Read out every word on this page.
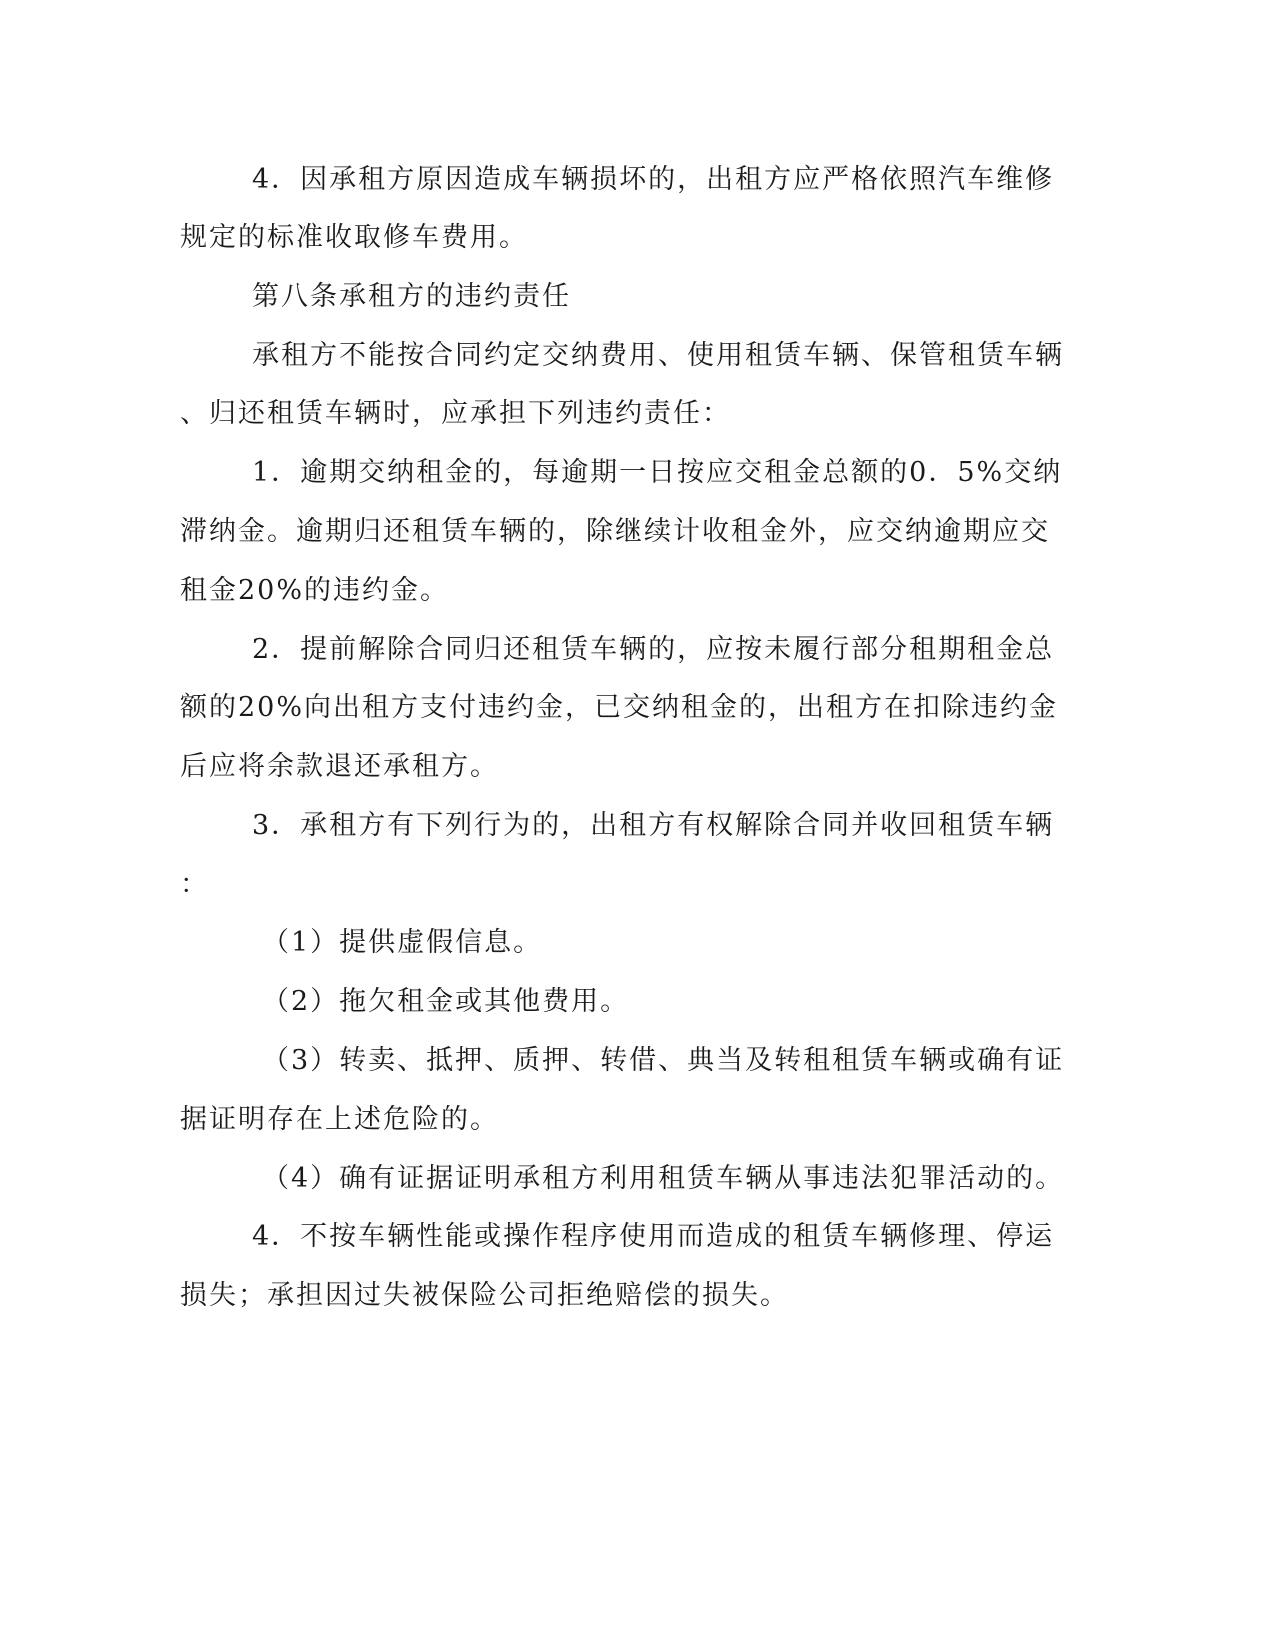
4．因承租方原因造成车辆损坏的，出租方应严格依照汽车维修
规定的标准收取修车费用。
第八条承租方的违约责任
承租方不能按合同约定交纳费用、使用租赁车辆、保管租赁车辆
、归还租赁车辆时，应承担下列违约责任：
1．逾期交纳租金的，每逾期一日按应交租金总额的0．5%交纳
滞纳金。逾期归还租赁车辆的，除继续计收租金外，应交纳逾期应交
租金20%的违约金。
2．提前解除合同归还租赁车辆的，应按未履行部分租期租金总
额的20%向出租方支付违约金，已交纳租金的，出租方在扣除违约金
后应将余款退还承租方。
3．承租方有下列行为的，出租方有权解除合同并收回租赁车辆
：
（1）提供虚假信息。
（2）拖欠租金或其他费用。
（3）转卖、抵押、质押、转借、典当及转租租赁车辆或确有证
据证明存在上述危险的。
（4）确有证据证明承租方利用租赁车辆从事违法犯罪活动的。
4．不按车辆性能或操作程序使用而造成的租赁车辆修理、停运
损失；承担因过失被保险公司拒绝赔偿的损失。
